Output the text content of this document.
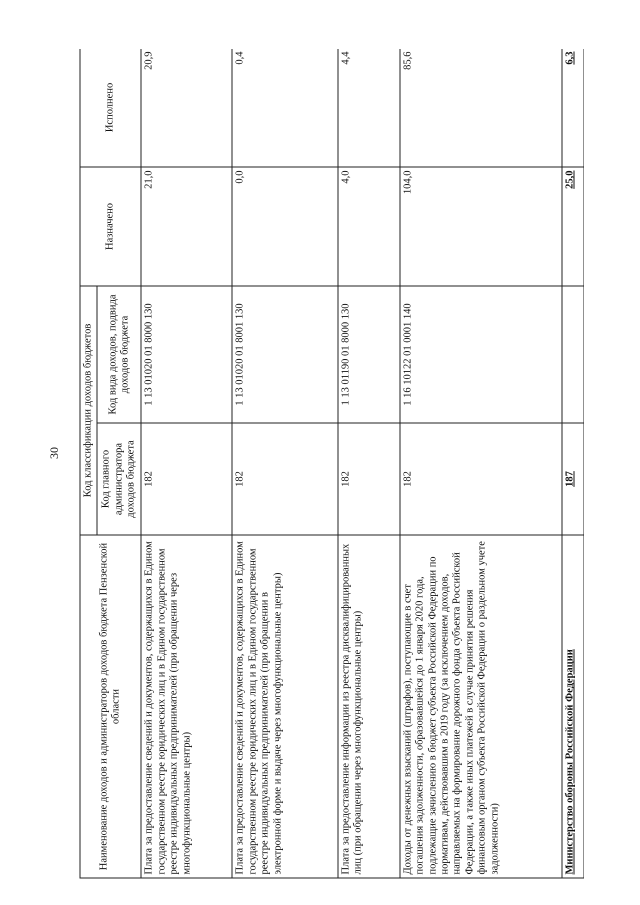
30
Наименование доходов и администраторов доходов бюджета Пензенской области	Код классификации доходов бюджетов		Назначено	Исполнено
	Код главного администратора доходов бюджета	Код вида доходов, подвида доходов бюджета		
Плата за предоставление сведений и документов, содержащихся в Едином государственном реестре юридических лиц и в Едином государственном реестре индивидуальных предпринимателей (при обращении через многофункциональные центры)	182	1 13 01020 01 8000 130	21,0	20,9
Плата за предоставление сведений и документов, содержащихся в Едином государственном реестре юридических лиц и в Едином государственном реестре индивидуальных предпринимателей (при обращении в электронной форме и выдаче через многофункциональные центры)	182	1 13 01020 01 8001 130	0,0	0,4
Плата за предоставление информации из реестра дисквалифицированных лиц (при обращении через многофункциональные центры)	182	1 13 01190 01 8000 130	4,0	4,4
Доходы от денежных взысканий (штрафов), поступающие в счет погашения задолженности, образовавшейся до 1 января 2020 года, подлежащие зачислению в бюджет субъекта Российской Федерации по нормативам, действовавшим в 2019 году (за исключением доходов, направляемых на формирование дорожного фонда субъекта Российской Федерации, а также иных платежей в случае принятия решения финансовым органом субъекта Российской Федерации о раздельном учете задолженности)	182	1 16 10122 01 0001 140	104,0	85,6
Министерство обороны Российской Федерации	187		25,0	6,3
